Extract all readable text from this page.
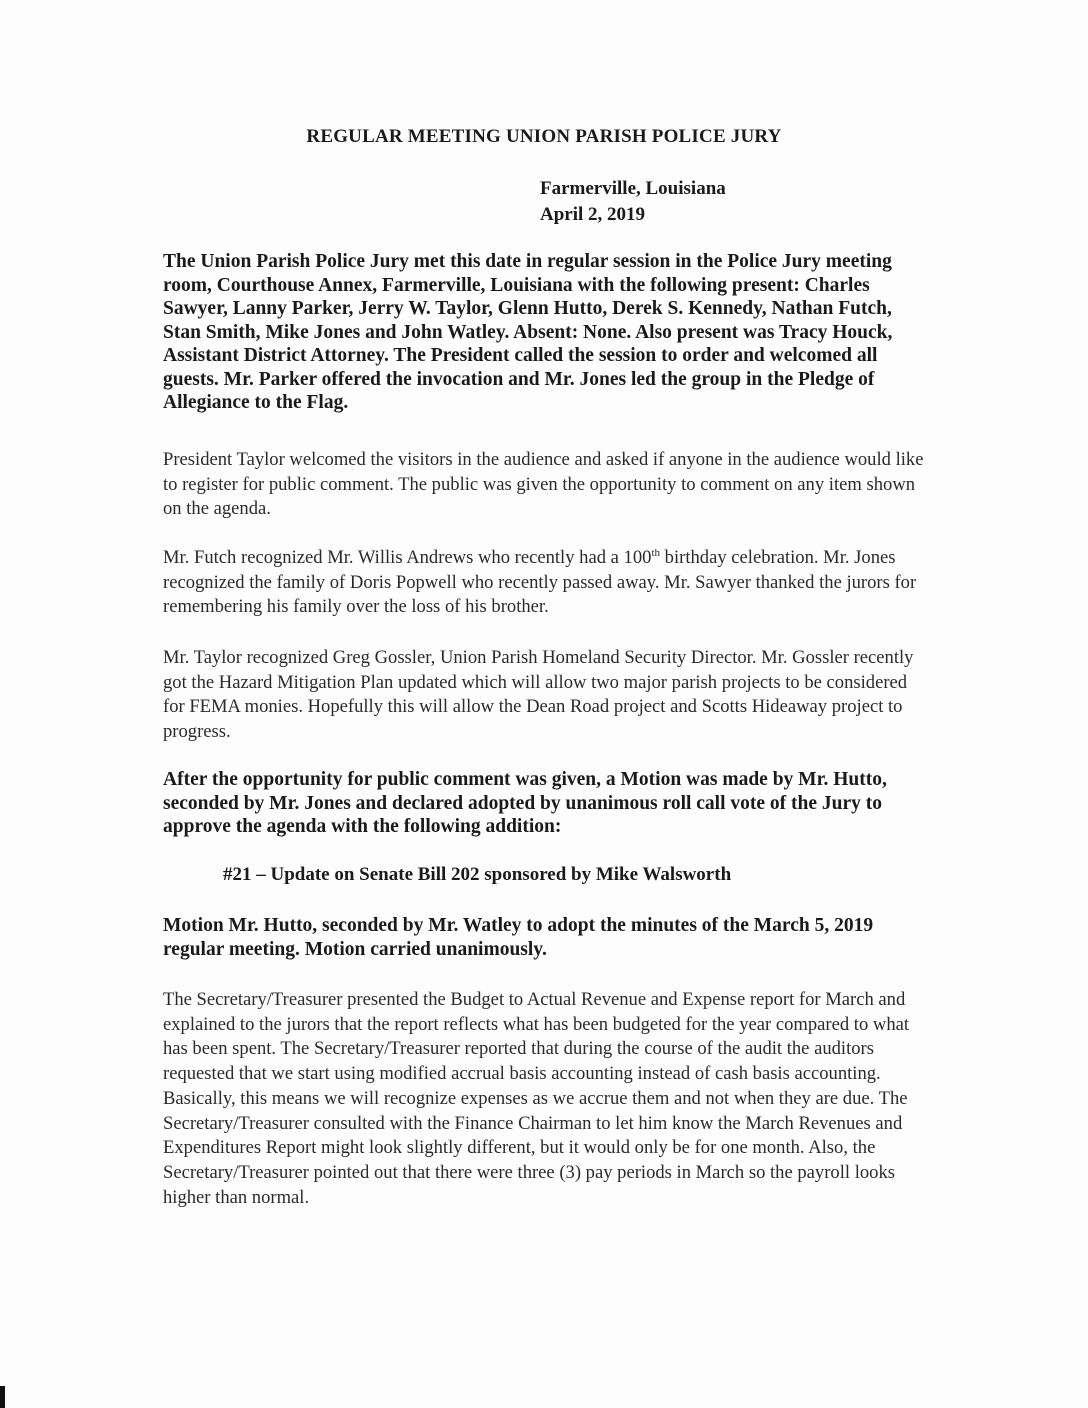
REGULAR MEETING UNION PARISH POLICE JURY
Farmerville, Louisiana
April 2, 2019

The Union Parish Police Jury met this date in regular session in the Police Jury meeting room, Courthouse Annex, Farmerville, Louisiana with the following present: Charles Sawyer, Lanny Parker, Jerry W. Taylor, Glenn Hutto, Derek S. Kennedy, Nathan Futch, Stan Smith, Mike Jones and John Watley. Absent: None. Also present was Tracy Houck, Assistant District Attorney. The President called the session to order and welcomed all guests. Mr. Parker offered the invocation and Mr. Jones led the group in the Pledge of Allegiance to the Flag.

President Taylor welcomed the visitors in the audience and asked if anyone in the audience would like to register for public comment. The public was given the opportunity to comment on any item shown on the agenda.

Mr. Futch recognized Mr. Willis Andrews who recently had a 100th birthday celebration. Mr. Jones recognized the family of Doris Popwell who recently passed away. Mr. Sawyer thanked the jurors for remembering his family over the loss of his brother.

Mr. Taylor recognized Greg Gossler, Union Parish Homeland Security Director. Mr. Gossler recently got the Hazard Mitigation Plan updated which will allow two major parish projects to be considered for FEMA monies. Hopefully this will allow the Dean Road project and Scotts Hideaway project to progress.

After the opportunity for public comment was given, a Motion was made by Mr. Hutto, seconded by Mr. Jones and declared adopted by unanimous roll call vote of the Jury to approve the agenda with the following addition:

#21 – Update on Senate Bill 202 sponsored by Mike Walsworth

Motion Mr. Hutto, seconded by Mr. Watley to adopt the minutes of the March 5, 2019 regular meeting. Motion carried unanimously.

The Secretary/Treasurer presented the Budget to Actual Revenue and Expense report for March and explained to the jurors that the report reflects what has been budgeted for the year compared to what has been spent. The Secretary/Treasurer reported that during the course of the audit the auditors requested that we start using modified accrual basis accounting instead of cash basis accounting. Basically, this means we will recognize expenses as we accrue them and not when they are due. The Secretary/Treasurer consulted with the Finance Chairman to let him know the March Revenues and Expenditures Report might look slightly different, but it would only be for one month. Also, the Secretary/Treasurer pointed out that there were three (3) pay periods in March so the payroll looks higher than normal.
